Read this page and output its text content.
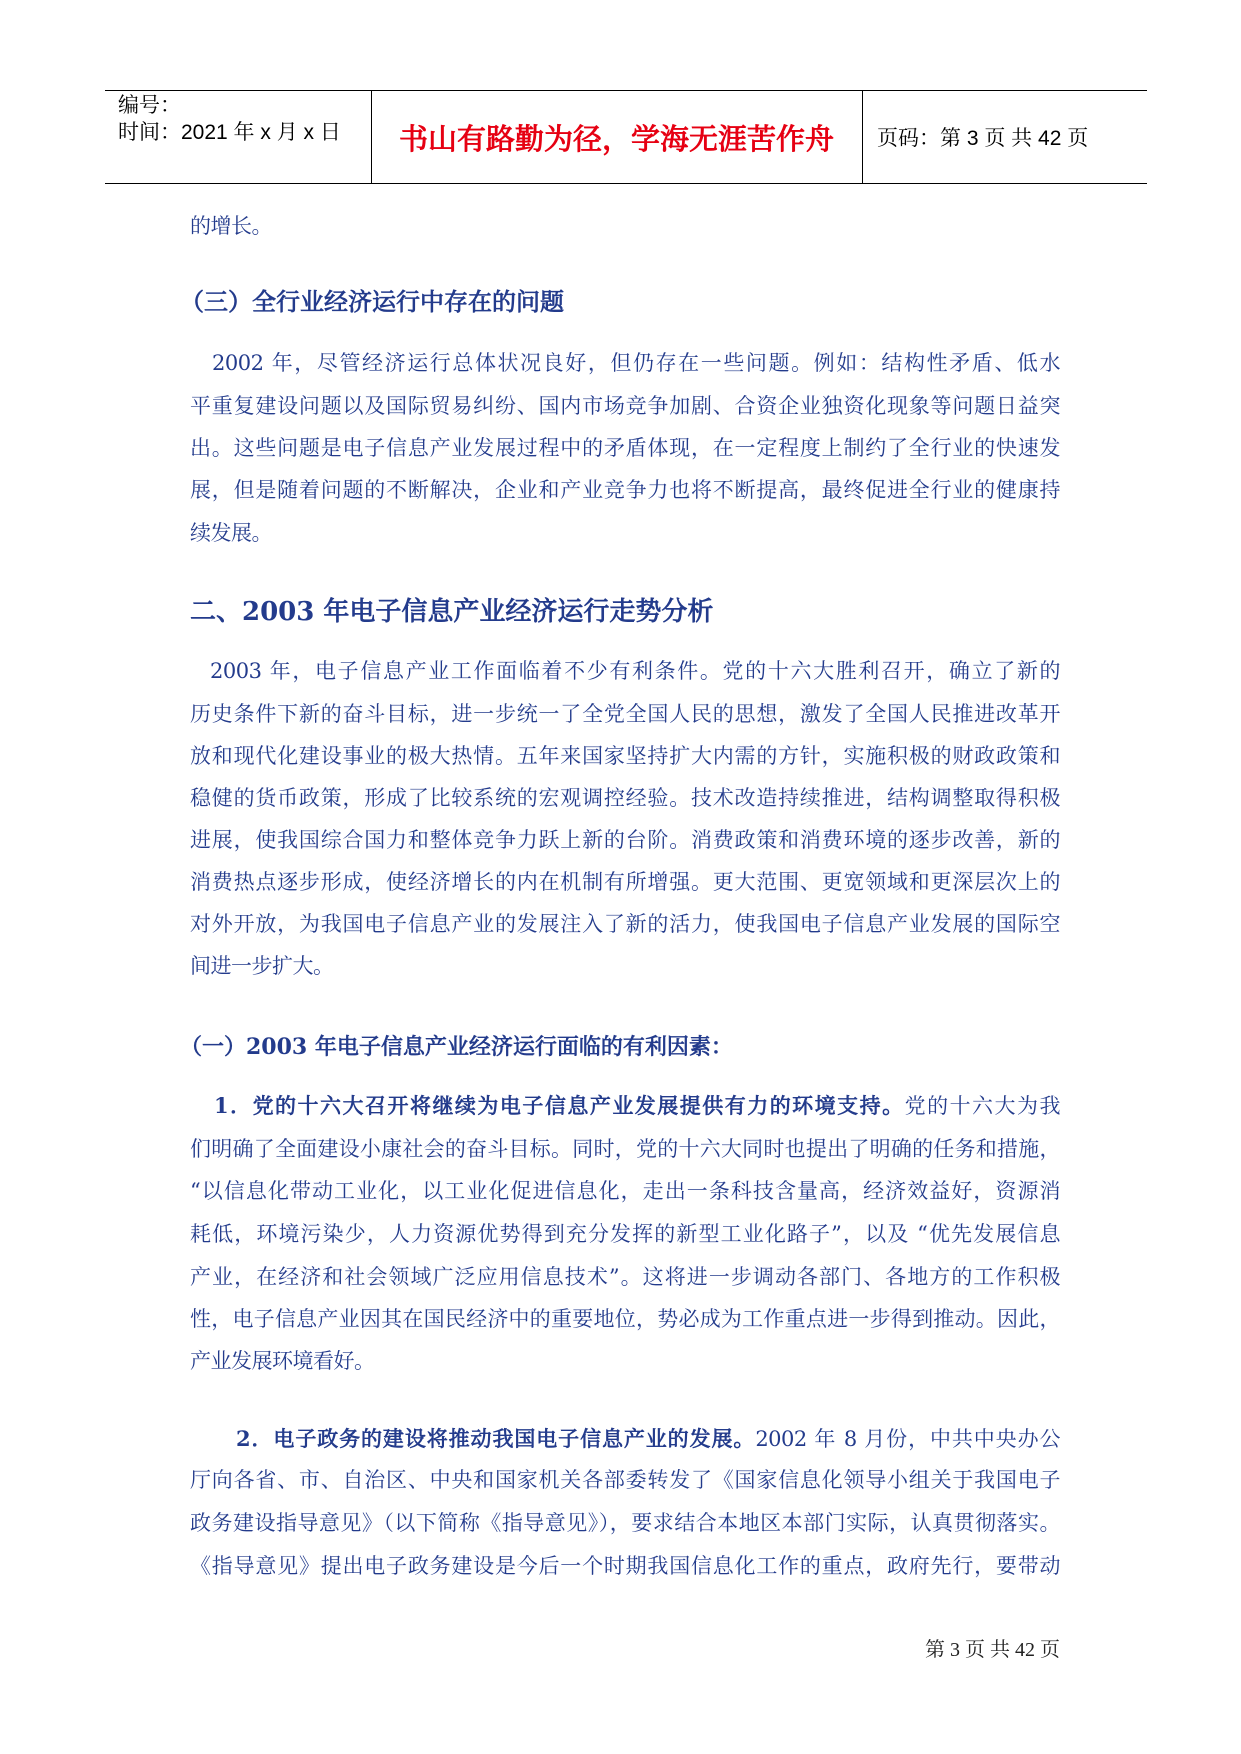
编号：
时间：2021 年 x 月 x 日	书山有路勤为径，学海无涯苦作舟	页码：第 3 页 共 42 页
的增长。
（三）全行业经济运行中存在的问题
2002 年，尽管经济运行总体状况良好，但仍存在一些问题。例如：结构性矛盾、低水
平重复建设问题以及国际贸易纠纷、国内市场竞争加剧、合资企业独资化现象等问题日益突
出。这些问题是电子信息产业发展过程中的矛盾体现，在一定程度上制约了全行业的快速发
展，但是随着问题的不断解决，企业和产业竞争力也将不断提高，最终促进全行业的健康持
续发展。
二、2003 年电子信息产业经济运行走势分析
2003 年，电子信息产业工作面临着不少有利条件。党的十六大胜利召开，确立了新的
历史条件下新的奋斗目标，进一步统一了全党全国人民的思想，激发了全国人民推进改革开
放和现代化建设事业的极大热情。五年来国家坚持扩大内需的方针，实施积极的财政政策和
稳健的货币政策，形成了比较系统的宏观调控经验。技术改造持续推进，结构调整取得积极
进展，使我国综合国力和整体竞争力跃上新的台阶。消费政策和消费环境的逐步改善，新的
消费热点逐步形成，使经济增长的内在机制有所增强。更大范围、更宽领域和更深层次上的
对外开放，为我国电子信息产业的发展注入了新的活力，使我国电子信息产业发展的国际空
间进一步扩大。
（一）2003 年电子信息产业经济运行面临的有利因素：
1．党的十六大召开将继续为电子信息产业发展提供有力的环境支持。党的十六大为我
们明确了全面建设小康社会的奋斗目标。同时，党的十六大同时也提出了明确的任务和措施，
“以信息化带动工业化，以工业化促进信息化，走出一条科技含量高，经济效益好，资源消
耗低，环境污染少，人力资源优势得到充分发挥的新型工业化路子”，以及 “优先发展信息
产业，在经济和社会领域广泛应用信息技术”。这将进一步调动各部门、各地方的工作积极
性，电子信息产业因其在国民经济中的重要地位，势必成为工作重点进一步得到推动。因此，
产业发展环境看好。
2．电子政务的建设将推动我国电子信息产业的发展。2002 年 8 月份，中共中央办公
厅向各省、市、自治区、中央和国家机关各部委转发了《国家信息化领导小组关于我国电子
政务建设指导意见》（以下简称《指导意见》），要求结合本地区本部门实际，认真贯彻落实。
《指导意见》提出电子政务建设是今后一个时期我国信息化工作的重点，政府先行，要带动
第 3 页 共 42 页
